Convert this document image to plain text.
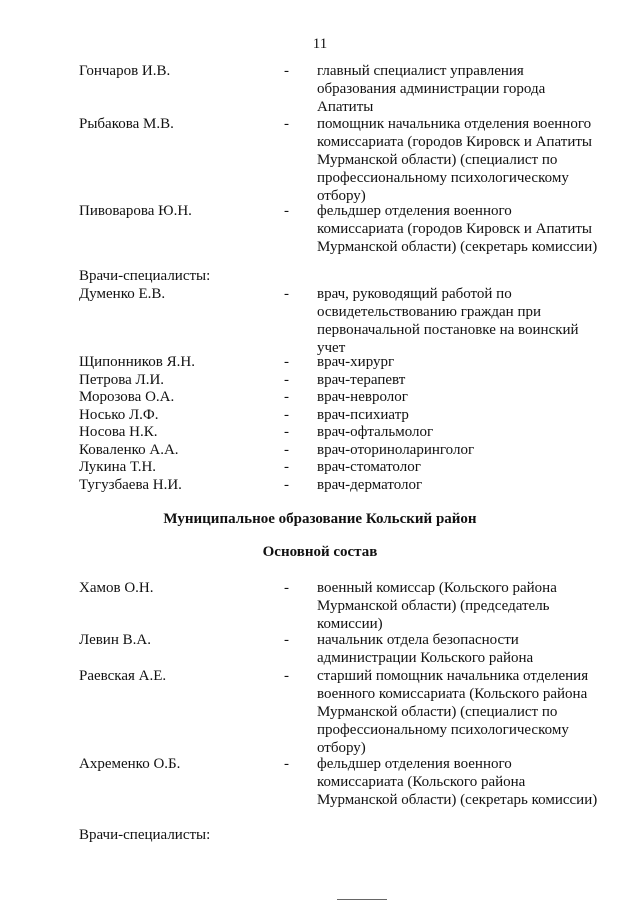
11
Гончаров И.В.	- главный специалист управления образования администрации города Апатиты
Рыбакова М.В.	- помощник начальника отделения военного комиссариата (городов Кировск и Апатиты Мурманской области) (специалист по профессиональному психологическому отбору)
Пивоварова Ю.Н.	- фельдшер отделения военного комиссариата (городов Кировск и Апатиты Мурманской области) (секретарь комиссии)
Врачи-специалисты:
Думенко Е.В.	- врач, руководящий работой по освидетельствованию граждан при первоначальной постановке на воинский учет
Щипонников Я.Н.	- врач-хирург
Петрова Л.И.	- врач-терапевт
Морозова О.А.	- врач-невролог
Носько Л.Ф.	- врач-психиатр
Носова Н.К.	- врач-офтальмолог
Коваленко А.А.	- врач-оториноларинголог
Лукина Т.Н.	- врач-стоматолог
Тугузбаева Н.И.	- врач-дерматолог
Муниципальное образование Кольский район
Основной состав
Хамов О.Н.	- военный комиссар (Кольского района Мурманской области) (председатель комиссии)
Левин В.А.	- начальник отдела безопасности администрации Кольского района
Раевская А.Е.	- старший помощник начальника отделения военного комиссариата (Кольского района Мурманской области) (специалист по профессиональному психологическому отбору)
Ахременко О.Б.	- фельдшер отделения военного комиссариата (Кольского района Мурманской области) (секретарь комиссии)
Врачи-специалисты:
